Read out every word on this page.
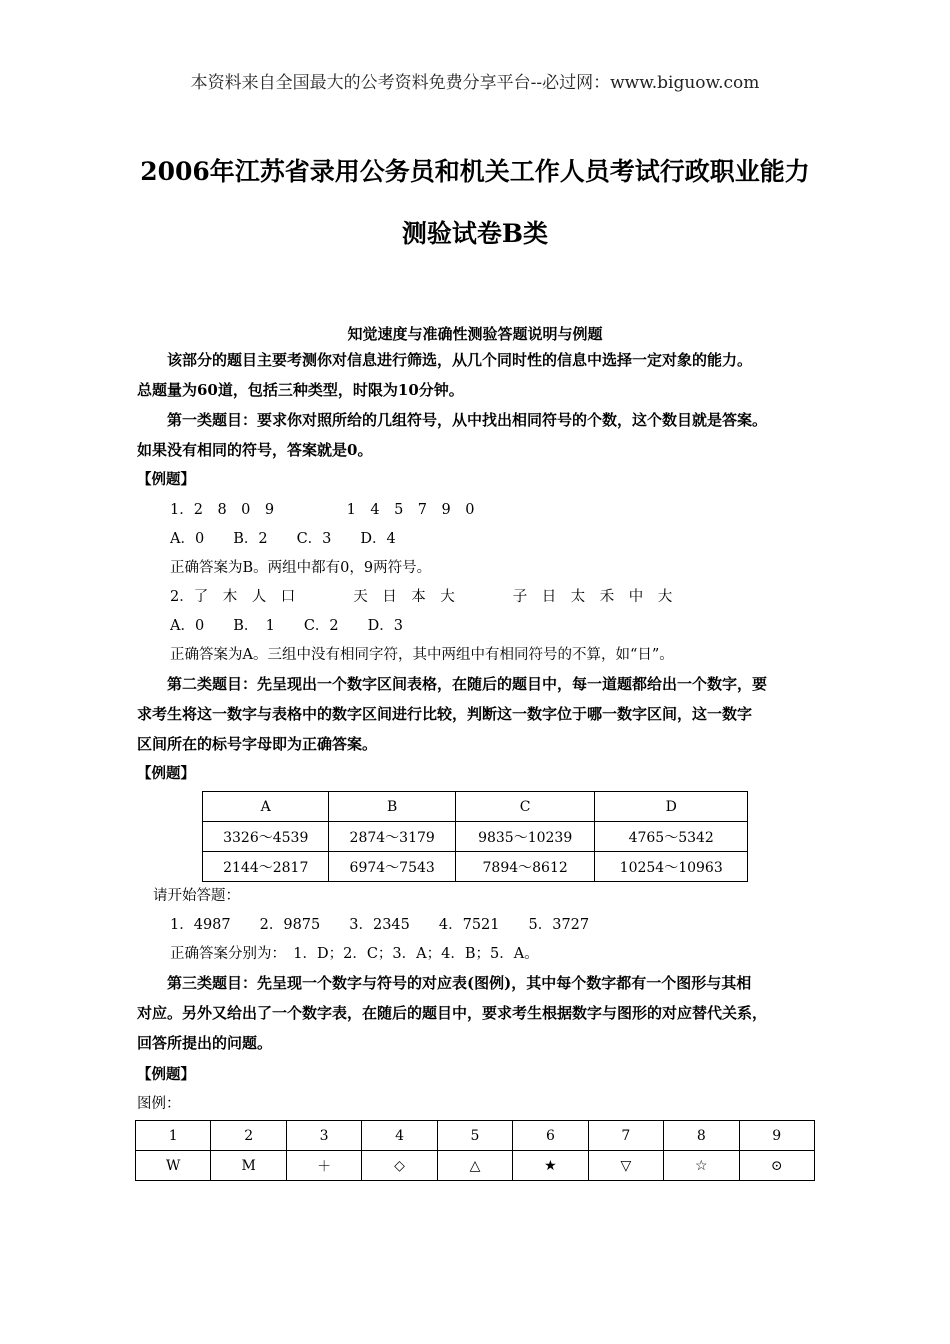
本资料来自全国最大的公考资料免费分享平台--必过网：www.biguow.com
2006年江苏省录用公务员和机关工作人员考试行政职业能力
测验试卷B类
知觉速度与准确性测验答题说明与例题
该部分的题目主要考测你对信息进行筛选，从几个同时性的信息中选择一定对象的能力。
总题量为60道，包括三种类型，时限为10分钟。
第一类题目：要求你对照所给的几组符号，从中找出相同符号的个数，这个数目就是答案。
如果没有相同的符号，答案就是0。
【例题】
1．2　8　0　9　　　　　1　4　5　7　9　0
A．0　　B．2　　C．3　　D．4
正确答案为B。两组中都有0，9两符号。
2．了　木　人　口　　　　天　日　本　大　　　　子　日　太　禾　中　大
A．0　　B．　1　　C．2　　D．3
正确答案为A。三组中没有相同字符，其中两组中有相同符号的不算，如“日”。
第二类题目：先呈现出一个数字区间表格，在随后的题目中，每一道题都给出一个数字，要
求考生将这一数字与表格中的数字区间进行比较，判断这一数字位于哪一数字区间，这一数字
区间所在的标号字母即为正确答案。
【例题】
A	B	C	D
3326～4539	2874～3179	9835～10239	4765～5342
2144～2817	6974～7543	7894～8612	10254～10963
请开始答题：
1．4987　　2．9875　　3．2345　　4．7521　　5．3727
正确答案分别为：　1．D；2．C；3．A；4．B；5．A。
第三类题目：先呈现一个数字与符号的对应表(图例)，其中每个数字都有一个图形与其相
对应。另外又给出了一个数字表，在随后的题目中，要求考生根据数字与图形的对应替代关系，
回答所提出的问题。
【例题】
图例：
1	2	3	4	5	6	7	8	9
W	M	＋	◇	△	★	▽	☆	⊙
